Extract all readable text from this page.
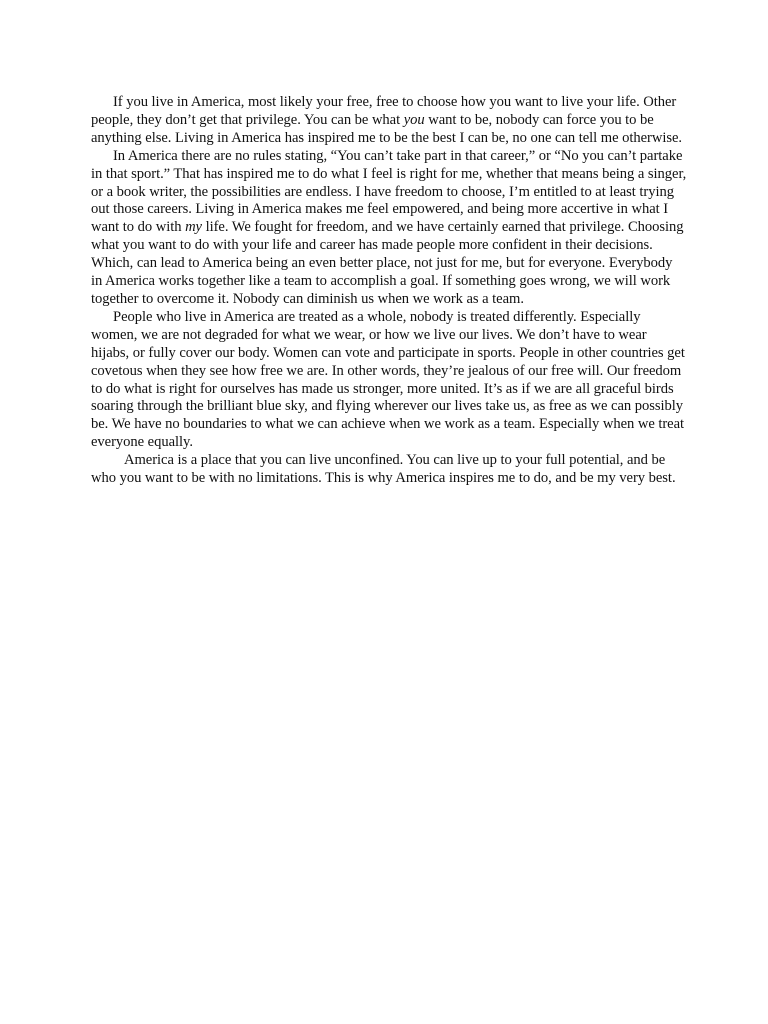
If you live in America, most likely your free, free to choose how you want to live your life. Other people, they don’t get that privilege. You can be what you want to be, nobody can force you to be anything else. Living in America has inspired me to be the best I can be, no one can tell me otherwise.

In America there are no rules stating, “You can’t take part in that career,” or “No you can’t partake in that sport.” That has inspired me to do what I feel is right for me, whether that means being a singer, or a book writer, the possibilities are endless. I have freedom to choose, I’m entitled to at least trying out those careers. Living in America makes me feel empowered, and being more accertive in what I want to do with my life. We fought for freedom, and we have certainly earned that privilege. Choosing what you want to do with your life and career has made people more confident in their decisions. Which, can lead to America being an even better place, not just for me, but for everyone. Everybody in America works together like a team to accomplish a goal. If something goes wrong, we will work together to overcome it. Nobody can diminish us when we work as a team.

People who live in America are treated as a whole, nobody is treated differently. Especially women, we are not degraded for what we wear, or how we live our lives. We don’t have to wear hijabs, or fully cover our body. Women can vote and participate in sports. People in other countries get covetous when they see how free we are. In other words, they’re jealous of our free will. Our freedom to do what is right for ourselves has made us stronger, more united. It’s as if we are all graceful birds soaring through the brilliant blue sky, and flying wherever our lives take us, as free as we can possibly be. We have no boundaries to what we can achieve when we work as a team. Especially when we treat everyone equally.

America is a place that you can live unconfined. You can live up to your full potential, and be who you want to be with no limitations. This is why America inspires me to do, and be my very best.
